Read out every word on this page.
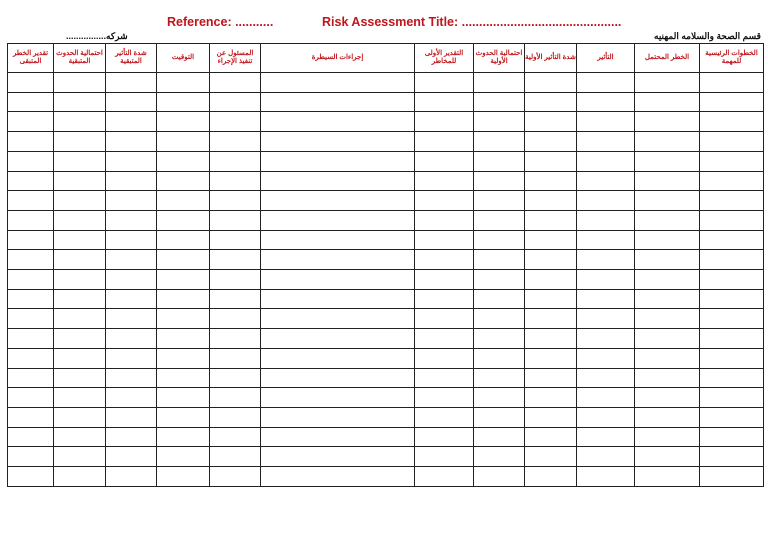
Reference: ...........	Risk Assessment Title: ..............................................
شركه................	قسم الصحة والسلامه المهنيه
الخطوات الرئيسية للمهمة	الخطر المحتمل	التأثير	شدة التأثير الأولية	احتمالية الحدوث الأولية	التقدير الأولى للمخاطر	إجراءات السيطرة	المسئول عن تنفيذ الإجراء	التوقيت	شدة التأثير المتبقية	احتمالية الحدوث المتبقية	تقدير الخطر المتبقى
